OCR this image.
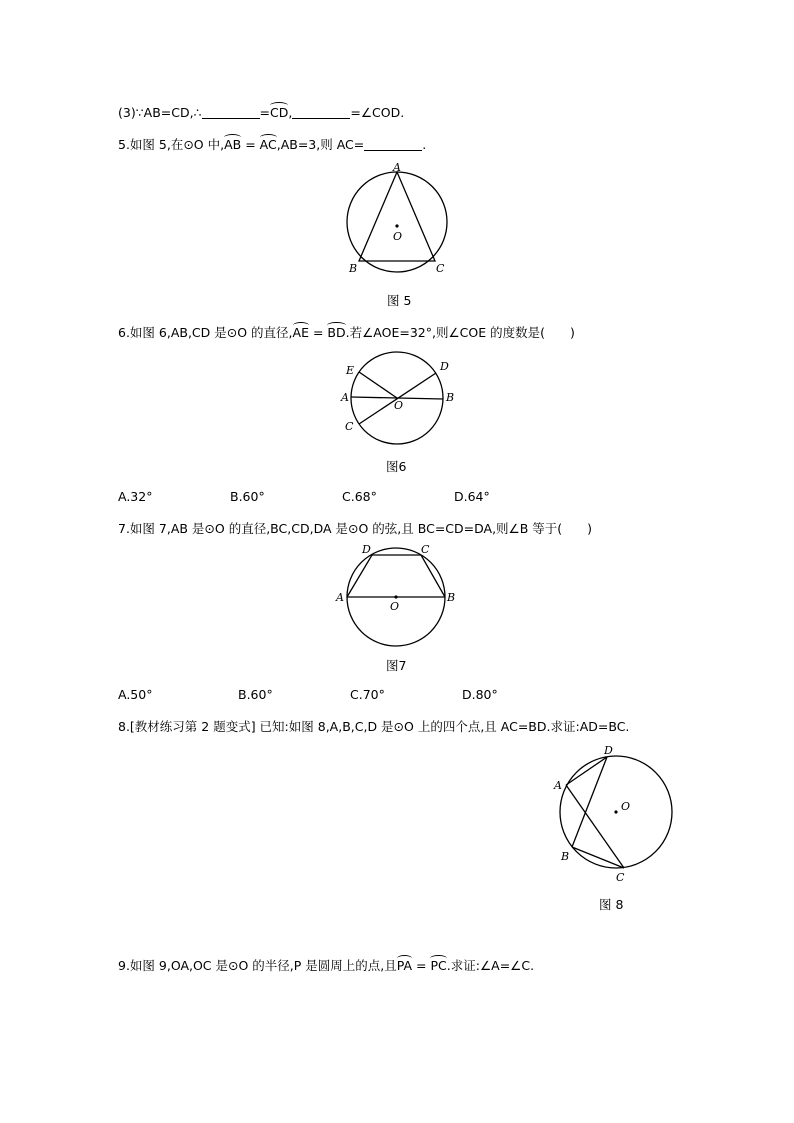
(3)∵AB=CD,∴	=CD,	=∠COD.
5.如图 5,在⊙O 中,AB = AC,AB=3,则 AC=	.
A
B	C
O
图 5
6.如图 6,AB,CD 是⊙O 的直径,AE = BD.若∠AOE=32°,则∠COE 的度数是(　　)
E	D
A	B
O
C
图6
A.32°	B.60°	C.68°	D.64°
7.如图 7,AB 是⊙O 的直径,BC,CD,DA 是⊙O 的弦,且 BC=CD=DA,则∠B 等于(　　)
D	C
A	B
O
图7
A.50°	B.60°	C.70°	D.80°
8.[教材练习第 2 题变式] 已知:如图 8,A,B,C,D 是⊙O 上的四个点,且 AC=BD.求证:AD=BC.
D
A
O
B
C
图 8
9.如图 9,OA,OC 是⊙O 的半径,P 是圆周上的点,且PA = PC.求证:∠A=∠C.
